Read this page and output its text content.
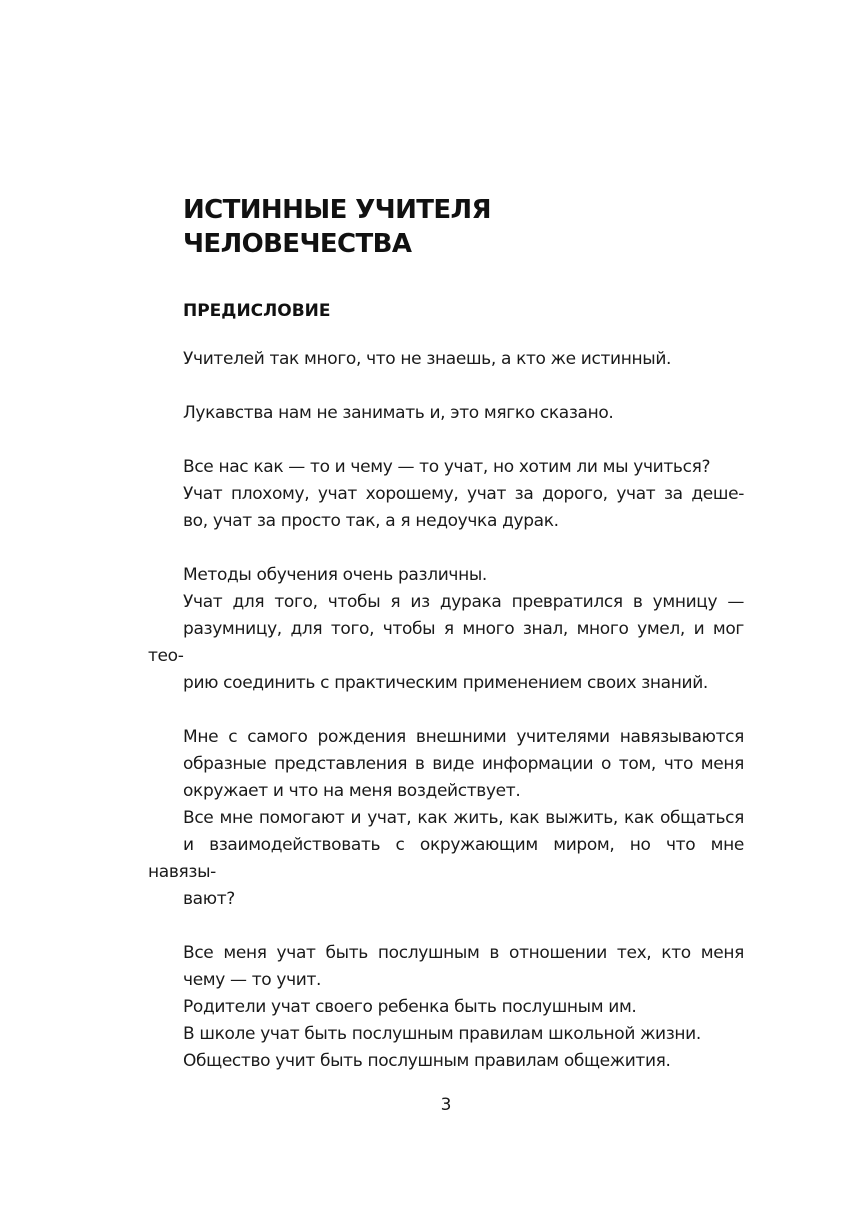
ИСТИННЫЕ УЧИТЕЛЯ
ЧЕЛОВЕЧЕСТВА
ПРЕДИСЛОВИЕ

Учителей так много, что не знаешь, а кто же истинный.

Лукавства нам не занимать и, это мягко сказано.

Все нас как — то и чему — то учат, но хотим ли мы учиться?

Учат плохому, учат хорошему, учат за дорого, учат за деше-
во, учат за просто так, а я недоучка дурак.

Методы обучения очень различны.

Учат для того, чтобы я из дурака превратился в умницу —
разумницу, для того, чтобы я много знал, много умел, и мог тео-
рию соединить с практическим применением своих знаний.

Мне с самого рождения внешними учителями навязываются
образные представления в виде информации о том, что меня
окружает и что на меня воздействует.

Все мне помогают и учат, как жить, как выжить, как общаться
и взаимодействовать с окружающим миром, но что мне навязы-
вают?

Все меня учат быть послушным в отношении тех, кто меня
чему — то учит.

Родители учат своего ребенка быть послушным им.

В школе учат быть послушным правилам школьной жизни.

Общество учит быть послушным правилам общежития.

3
